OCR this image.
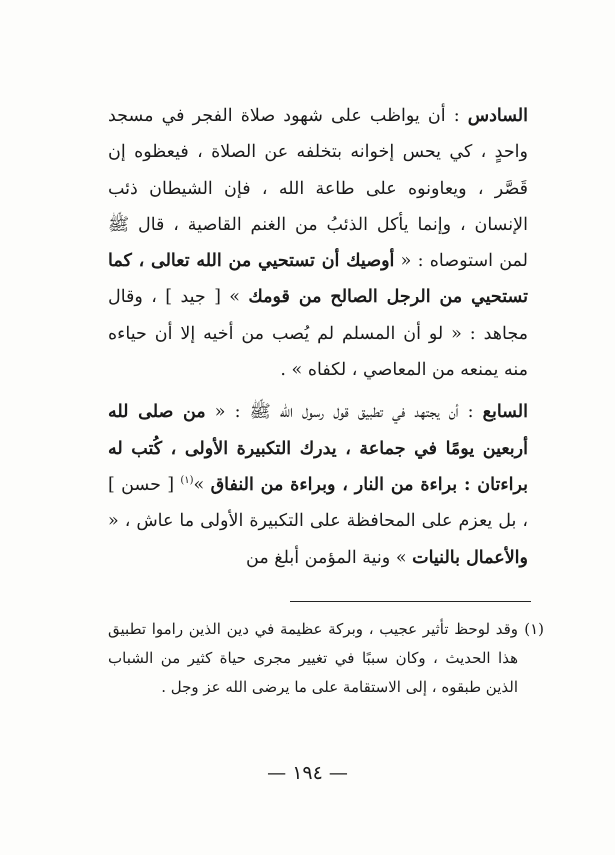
السادس : أن يواظب على شهود صلاة الفجر في مسجد واحدٍ ، كي يحس إخوانه بتخلفه عن الصلاة ، فيعظوه إن قَصَّر ، ويعاونوه على طاعة الله ، فإن الشيطان ذئب الإنسان ، وإنما يأكل الذئبُ من الغنم القاصية ، قال ﷺ لمن استوصاه : « أوصيك أن تستحيي من الله تعالى ، كما تستحيي من الرجل الصالح من قومك » [ جيد ] ، وقال مجاهد : « لو أن المسلم لم يُصب من أخيه إلا أن حياءه منه يمنعه من المعاصي ، لكفاه » .

السابع : أن يجتهد في تطبيق قول رسول الله ﷺ : « من صلى لله أربعين يومًا في جماعة ، يدرك التكبيرة الأولى ، كُتب له براءتان : براءة من النار ، وبراءة من النفاق »$^{(١)}$ [ حسن ] ، بل يعزم على المحافظة على التكبيرة الأولى ما عاش ، « والأعمال بالنيات » ونية المؤمن أبلغ من

(١)

وقد لوحظ تأثير عجيب ، وبركة عظيمة في دين الذين راموا تطبيق هذا الحديث ، وكان سببًا في تغيير مجرى حياة كثير من الشباب الذين طبقوه ، إلى الاستقامة على ما يرضى الله عز وجل .

— ١٩٤ —
